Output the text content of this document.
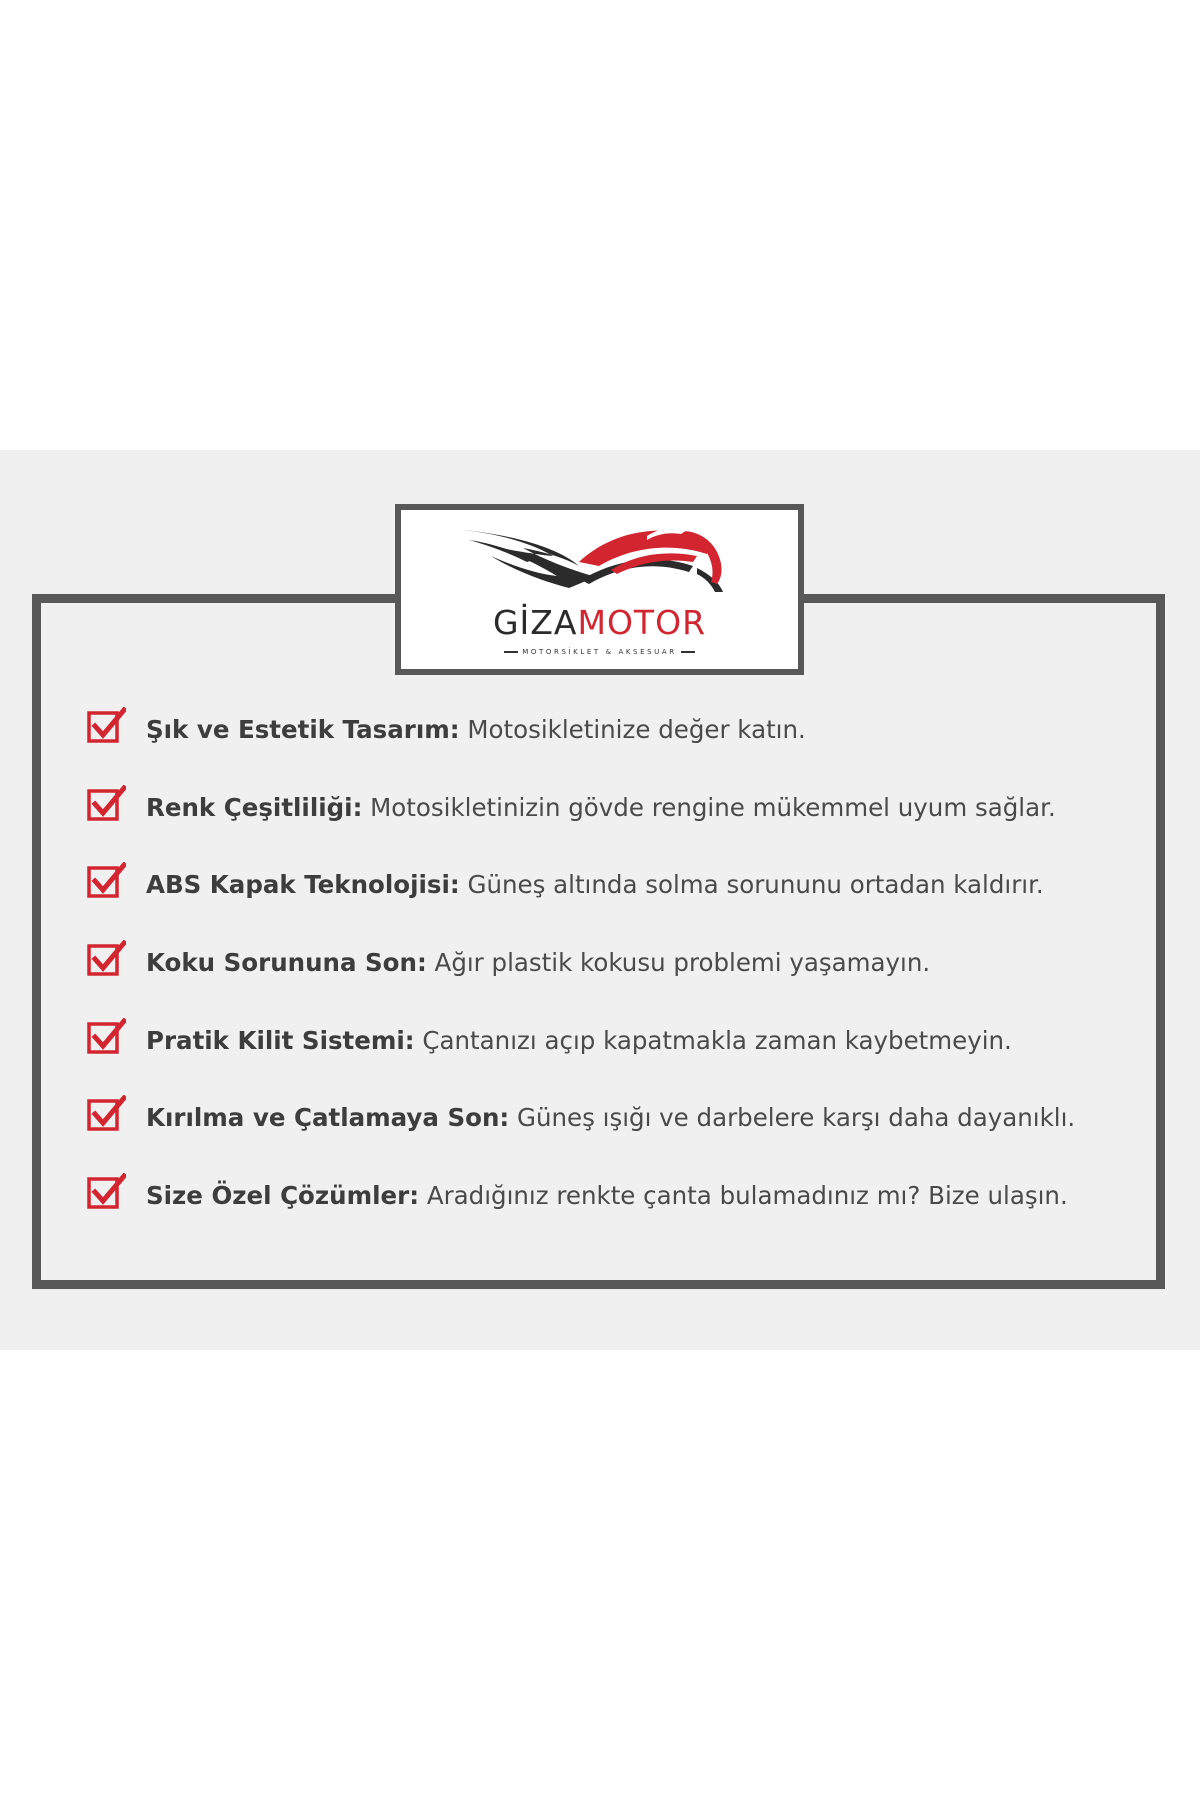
GİZAMOTOR
MOTORSİKLET & AKSESUAR
Şık ve Estetik Tasarım: Motosikletinize değer katın.
Renk Çeşitliliği: Motosikletinizin gövde rengine mükemmel uyum sağlar.
ABS Kapak Teknolojisi: Güneş altında solma sorununu ortadan kaldırır.
Koku Sorununa Son: Ağır plastik kokusu problemi yaşamayın.
Pratik Kilit Sistemi: Çantanızı açıp kapatmakla zaman kaybetmeyin.
Kırılma ve Çatlamaya Son: Güneş ışığı ve darbelere karşı daha dayanıklı.
Size Özel Çözümler: Aradığınız renkte çanta bulamadınız mı? Bize ulaşın.
